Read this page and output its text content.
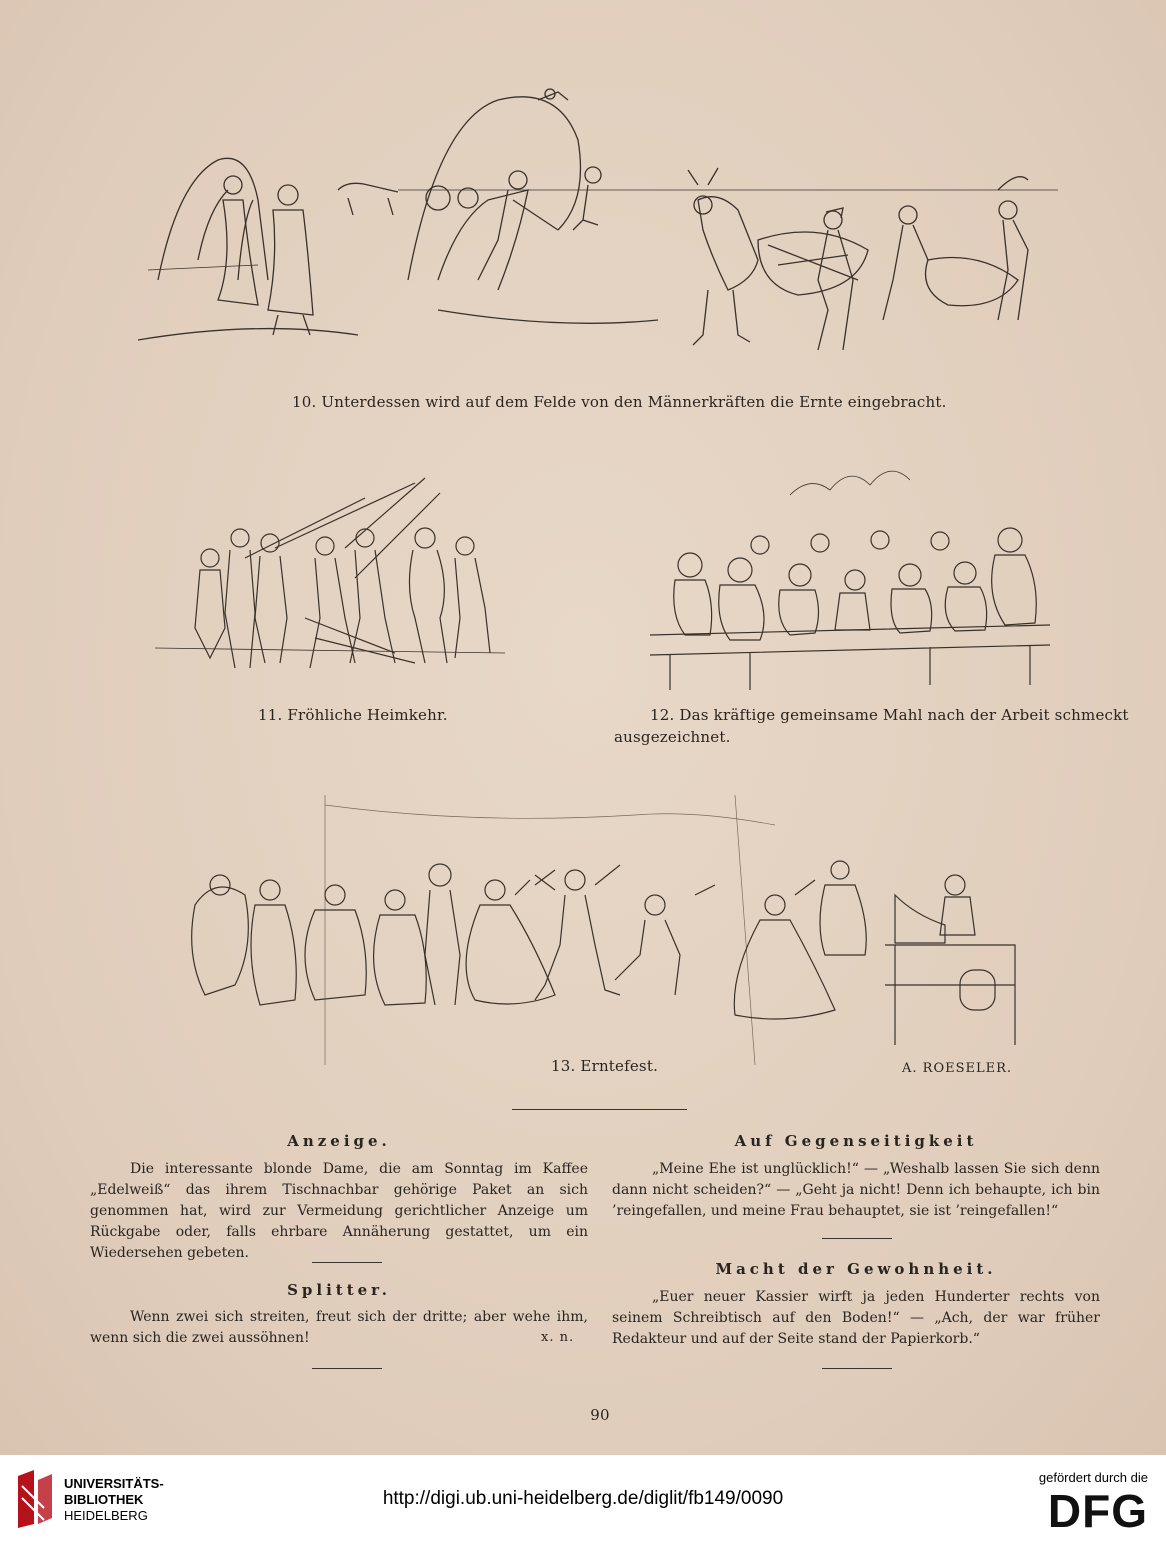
10. Unterdessen wird auf dem Felde von den Männerkräften die Ernte eingebracht.
11. Fröhliche Heimkehr.	12. Das kräftige gemeinsame Mahl nach der Arbeit schmeckt
ausgezeichnet.
13. Erntefest.	A. ROESELER.
Anzeige.
Die interessante blonde Dame, die am Sonntag im Kaffee „Edelweiß“ das ihrem Tischnachbar gehörige Paket an sich genommen hat, wird zur Vermeidung gerichtlicher Anzeige um Rückgabe oder, falls ehrbare Annäherung gestattet, um ein Wiedersehen gebeten.
Splitter.
Wenn zwei sich streiten, freut sich der dritte; aber wehe ihm, wenn sich die zwei aussöhnen!	x. n.
Auf Gegenseitigkeit
„Meine Ehe ist unglücklich!“ — „Weshalb lassen Sie sich denn dann nicht scheiden?“ — „Geht ja nicht! Denn ich behaupte, ich bin ’reingefallen, und meine Frau behauptet, sie ist ’reingefallen!“
Macht der Gewohnheit.
„Euer neuer Kassier wirft ja jeden Hunderter rechts von seinem Schreibtisch auf den Boden!“ — „Ach, der war früher Redakteur und auf der Seite stand der Papierkorb.“
90
UNIVERSITÄTS-
BIBLIOTHEK
HEIDELBERG
http://digi.ub.uni-heidelberg.de/diglit/fb149/0090
gefördert durch die
DFG
